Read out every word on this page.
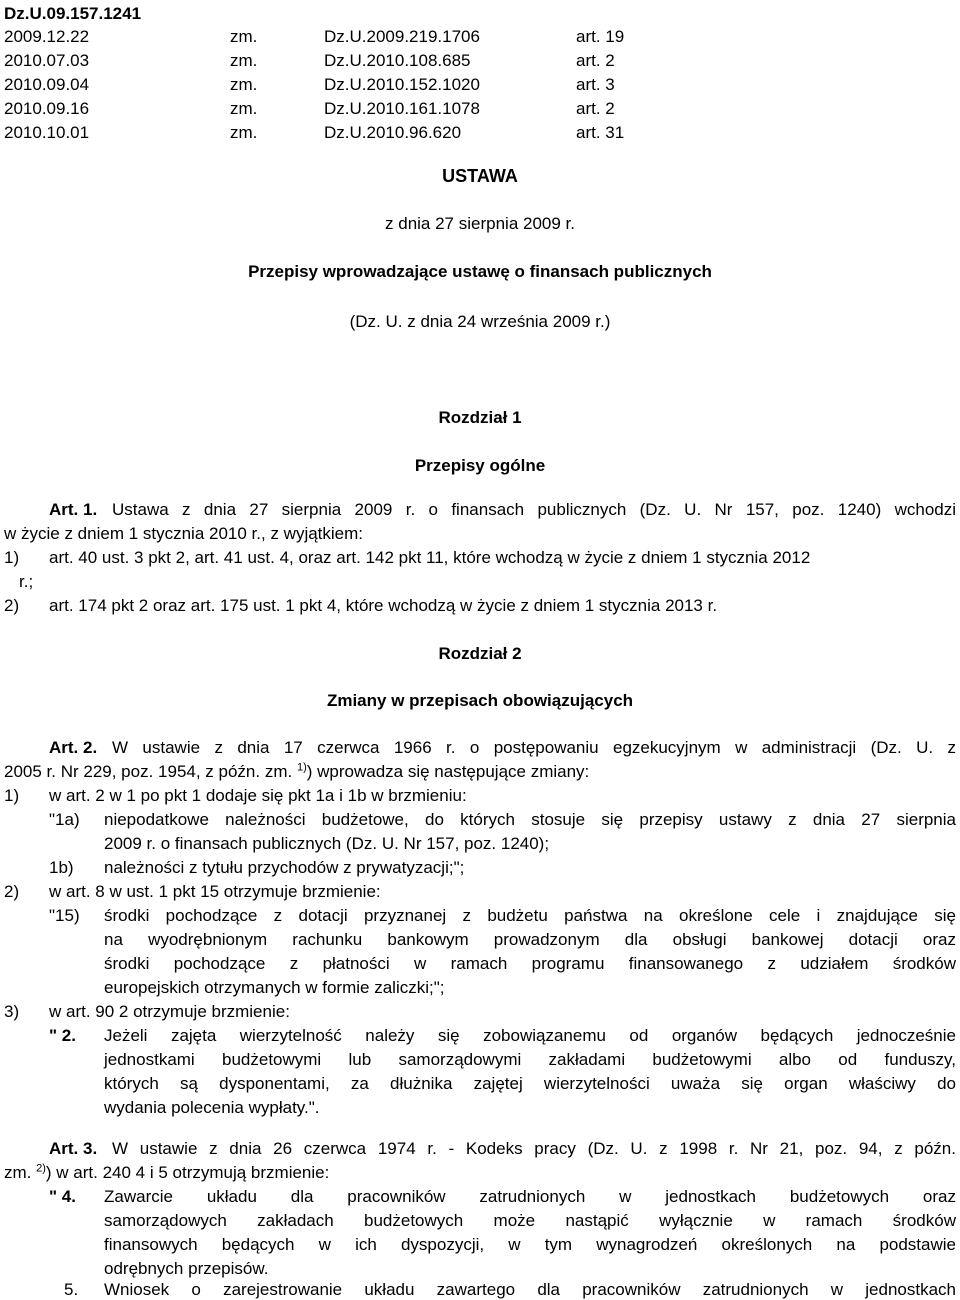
Dz.U.09.157.1241
2009.12.22	zm.	Dz.U.2009.219.1706	art. 19
2010.07.03	zm.	Dz.U.2010.108.685	art. 2
2010.09.04	zm.	Dz.U.2010.152.1020	art. 3
2010.09.16	zm.	Dz.U.2010.161.1078	art. 2
2010.10.01	zm.	Dz.U.2010.96.620	art. 31
USTAWA
z dnia 27 sierpnia 2009 r.
Przepisy wprowadzające ustawę o finansach publicznych
(Dz. U. z dnia 24 września 2009 r.)
Rozdział 1
Przepisy ogólne
Art. 1. Ustawa z dnia 27 sierpnia 2009 r. o finansach publicznych (Dz. U. Nr 157, poz. 1240) wchodzi
w życie z dniem 1 stycznia 2010 r., z wyjątkiem:
1) art. 40 ust. 3 pkt 2, art. 41 ust. 4, oraz art. 142 pkt 11, które wchodzą w życie z dniem 1 stycznia 2012
r.;
2) art. 174 pkt 2 oraz art. 175 ust. 1 pkt 4, które wchodzą w życie z dniem 1 stycznia 2013 r.
Rozdział 2
Zmiany w przepisach obowiązujących
Art. 2. W ustawie z dnia 17 czerwca 1966 r. o postępowaniu egzekucyjnym w administracji (Dz. U. z
2005 r. Nr 229, poz. 1954, z późn. zm. $^{1)}$) wprowadza się następujące zmiany:
1) w art. 2 w 1 po pkt 1 dodaje się pkt 1a i 1b w brzmieniu:
"1a) niepodatkowe należności budżetowe, do których stosuje się przepisy ustawy z dnia 27 sierpnia
2009 r. o finansach publicznych (Dz. U. Nr 157, poz. 1240);
1b) należności z tytułu przychodów z prywatyzacji;";
2) w art. 8 w ust. 1 pkt 15 otrzymuje brzmienie:
"15) środki pochodzące z dotacji przyznanej z budżetu państwa na określone cele i znajdujące się
na wyodrębnionym rachunku bankowym prowadzonym dla obsługi bankowej dotacji oraz
środki pochodzące z płatności w ramach programu finansowanego z udziałem środków
europejskich otrzymanych w formie zaliczki;";
3) w art. 90 2 otrzymuje brzmienie:
" 2. Jeżeli zajęta wierzytelność należy się zobowiązanemu od organów będących jednocześnie
jednostkami budżetowymi lub samorządowymi zakładami budżetowymi albo od funduszy,
których są dysponentami, za dłużnika zajętej wierzytelności uważa się organ właściwy do
wydania polecenia wypłaty.".
Art. 3. W ustawie z dnia 26 czerwca 1974 r. - Kodeks pracy (Dz. U. z 1998 r. Nr 21, poz. 94, z późn.
zm. $^{2)}$) w art. 240 4 i 5 otrzymują brzmienie:
" 4. Zawarcie układu dla pracowników zatrudnionych w jednostkach budżetowych oraz
samorządowych zakładach budżetowych może nastąpić wyłącznie w ramach środków
finansowych będących w ich dyspozycji, w tym wynagrodzeń określonych na podstawie
odrębnych przepisów.
5. Wniosek o zarejestrowanie układu zawartego dla pracowników zatrudnionych w jednostkach
